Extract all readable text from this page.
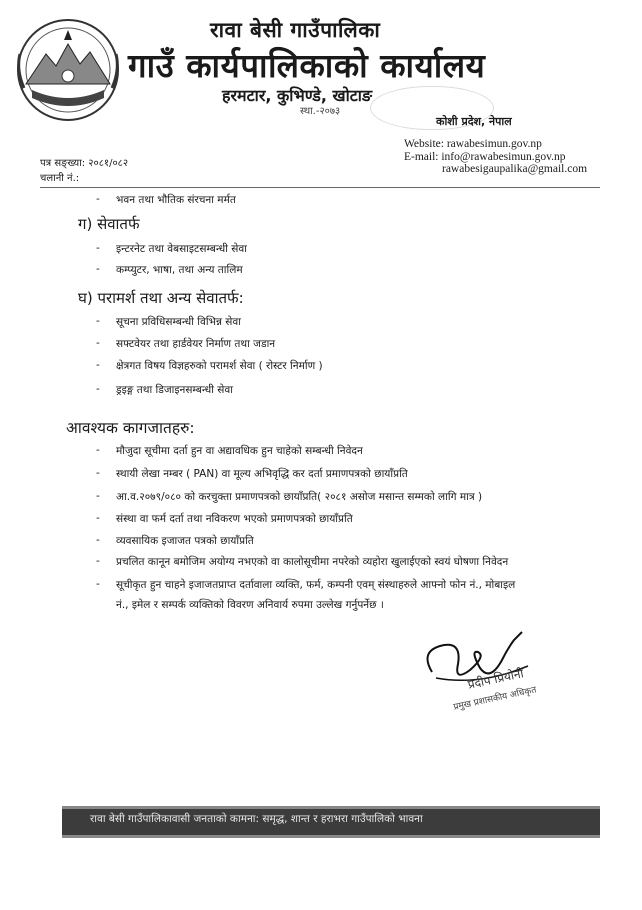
रावा बेसी गाउँपालिका
गाउँ कार्यपालिकाको कार्यालय
हरमटार, कुभिण्डे, खोटाङ
स्था.-२०७३
कोशी प्रदेश, नेपाल
Website: rawabesimun.gov.np
E-mail: info@rawabesimun.gov.np
rawabesigaupalika@gmail.com
पत्र सङ्ख्या: २०८१/०८२
चलानी नं.:
- भवन तथा भौतिक संरचना मर्मत
ग) सेवातर्फ
- इन्टरनेट तथा वेबसाइटसम्बन्धी सेवा
- कम्प्युटर, भाषा, तथा अन्य तालिम
घ) परामर्श तथा अन्य सेवातर्फ:
- सूचना प्रविधिसम्बन्धी विभिन्न सेवा
- सफ्टवेयर तथा हार्डवेयर निर्माण तथा जडान
- क्षेत्रगत विषय विज्ञहरुको परामर्श सेवा ( रोस्टर निर्माण )
- ड्रइङ्ग तथा डिजाइनसम्बन्धी सेवा
आवश्यक कागजातहरु:
- मौजुदा सूचीमा दर्ता हुन वा अद्यावधिक हुन चाहेको सम्बन्धी निवेदन
- स्थायी लेखा नम्बर ( PAN) वा मूल्य अभिवृद्धि कर दर्ता प्रमाणपत्रको छायाँप्रति
- आ.व.२०७९/०८० को करचुक्ता प्रमाणपत्रको छायाँप्रति( २०८१ असोज मसान्त सम्मको लागि मात्र )
- संस्था वा फर्म दर्ता तथा नविकरण भएको प्रमाणपत्रको छायाँप्रति
- व्यवसायिक इजाजत पत्रको छायाँप्रति
- प्रचलित कानून बमोजिम अयोग्य नभएको वा कालोसूचीमा नपरेको व्यहोरा खुलाईएको स्वयं घोषणा निवेदन
- सूचीकृत हुन चाहने इजाजतप्राप्त दर्तावाला व्यक्ति, फर्म, कम्पनी एवम् संस्थाहरुले आफ्नो फोन नं., मोबाइल
नं., इमेल र सम्पर्क व्यक्तिको विवरण अनिवार्य रुपमा उल्लेख गर्नुपर्नेछ ।
प्रदीप प्रियोनी
प्रमुख प्रशासकीय अधिकृत
रावा बेसी गाउँपालिकावासी जनताको कामना: समृद्ध, शान्त र हराभरा गाउँपालिको भावना
